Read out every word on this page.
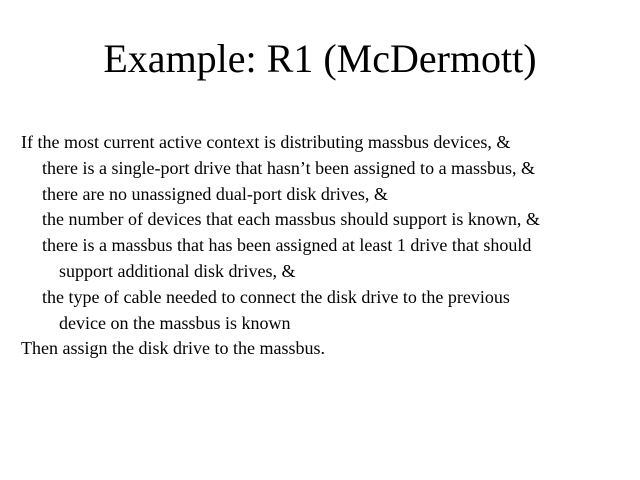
Example: R1 (McDermott)
If the most current active context is distributing massbus devices, &
there is a single-port drive that hasn’t been assigned to a massbus, &
there are no unassigned dual-port disk drives, &
the number of devices that each massbus should support is known, &
there is a massbus that has been assigned at least 1 drive that should
support additional disk drives, &
the type of cable needed to connect the disk drive to the previous
device on the massbus is known
Then assign the disk drive to the massbus.
